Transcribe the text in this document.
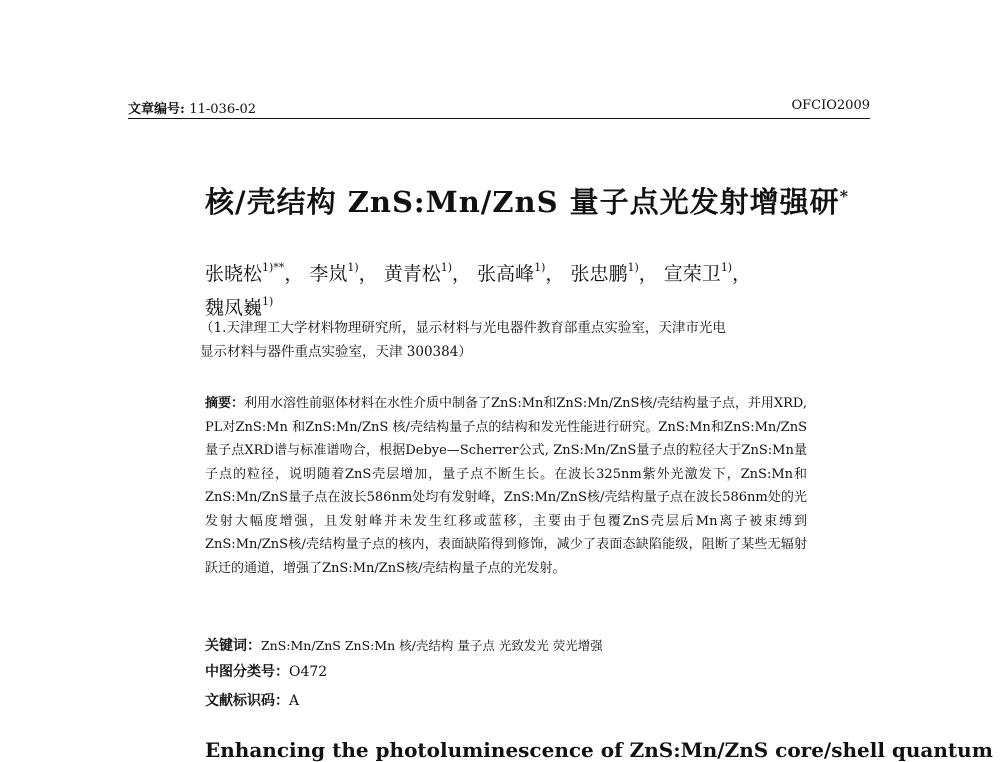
文章编号: 11-036-02	OFCIO2009
核/壳结构 ZnS:Mn/ZnS 量子点光发射增强研*
张晓松$^{1)**}$， 李岚$^{1)}$， 黄青松$^{1)}$， 张高峰$^{1)}$， 张忠鹏$^{1)}$， 宣荣卫$^{1)}$，
魏凤巍$^{1)}$
（1.天津理工大学材料物理研究所，显示材料与光电器件教育部重点实验室，天津市光电
显示材料与器件重点实验室，天津 300384）
摘要：利用水溶性前驱体材料在水性介质中制备了ZnS:Mn和ZnS:Mn/ZnS核/壳结构量子点，并用XRD, PL对ZnS:Mn 和ZnS:Mn/ZnS 核/壳结构量子点的结构和发光性能进行研究。ZnS:Mn和ZnS:Mn/ZnS量子点XRD谱与标准谱吻合，根据Debye—Scherrer公式, ZnS:Mn/ZnS量子点的粒径大于ZnS:Mn量子点的粒径，说明随着ZnS壳层增加，量子点不断生长。在波长325nm紫外光激发下，ZnS:Mn和ZnS:Mn/ZnS量子点在波长586nm处均有发射峰，ZnS:Mn/ZnS核/壳结构量子点在波长586nm处的光发射大幅度增强，且发射峰并未发生红移或蓝移，主要由于包覆ZnS壳层后Mn离子被束缚到ZnS:Mn/ZnS核/壳结构量子点的核内，表面缺陷得到修饰，减少了表面态缺陷能级，阻断了某些无辐射跃迁的通道，增强了ZnS:Mn/ZnS核/壳结构量子点的光发射。
关键词：ZnS:Mn/ZnS ZnS:Mn 核/壳结构 量子点 光致发光 荧光增强
中图分类号：O472
文献标识码：A
Enhancing the photoluminescence of ZnS:Mn/ZnS core/shell quantum
